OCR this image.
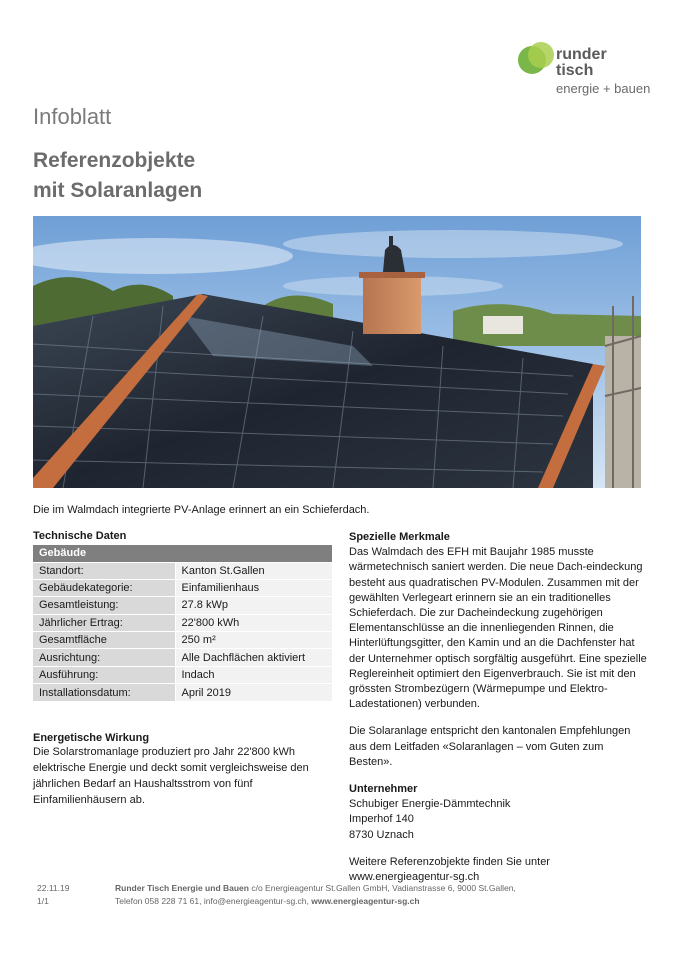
runder
tisch
energie + bauen
Infoblatt
Referenzobjekte
mit Solaranlagen
Die im Walmdach integrierte PV-Anlage erinnert an ein Schieferdach.
Technische Daten
Gebäude	
Standort:	Kanton St.Gallen
Gebäudekategorie:	Einfamilienhaus
Gesamtleistung:	27.8 kWp
Jährlicher Ertrag:	22'800 kWh
Gesamtfläche	250 m²
Ausrichtung:	Alle Dachflächen aktiviert
Ausführung:	Indach
Installationsdatum:	April 2019
Energetische Wirkung

Die Solarstromanlage produziert pro Jahr 22'800 kWh elektrische Energie und deckt somit vergleichsweise den jährlichen Bedarf an Haushaltsstrom von fünf Einfamilienhäusern ab.

Spezielle Merkmale

Das Walmdach des EFH mit Baujahr 1985 musste wärmetechnisch saniert werden. Die neue Dach-eindeckung besteht aus quadratischen PV-Modulen. Zusammen mit der gewählten Verlegeart erinnern sie an ein traditionelles Schieferdach. Die zur Dacheindeckung zugehörigen Elementanschlüsse an die innenliegenden Rinnen, die Hinterlüftungsgitter, den Kamin und an die Dachfenster hat der Unternehmer optisch sorgfältig ausgeführt. Eine spezielle Reglereinheit optimiert den Eigenverbrauch. Sie ist mit den grössten Strombezügern (Wärmepumpe und Elektro-Ladestationen) verbunden.

Die Solaranlage entspricht den kantonalen Empfehlungen aus dem Leitfaden «Solaranlagen – vom Guten zum Besten».

Unternehmer
Schubiger Energie-Dämmtechnik
Imperhof 140
8730 Uznach

Weitere Referenzobjekte finden Sie unter

www.energieagentur-sg.ch

22.11.19
1/1
Runder Tisch Energie und Bauen c/o Energieagentur St.Gallen GmbH, Vadianstrasse 6, 9000 St.Gallen,
Telefon 058 228 71 61, info@energieagentur-sg.ch, www.energieagentur-sg.ch
